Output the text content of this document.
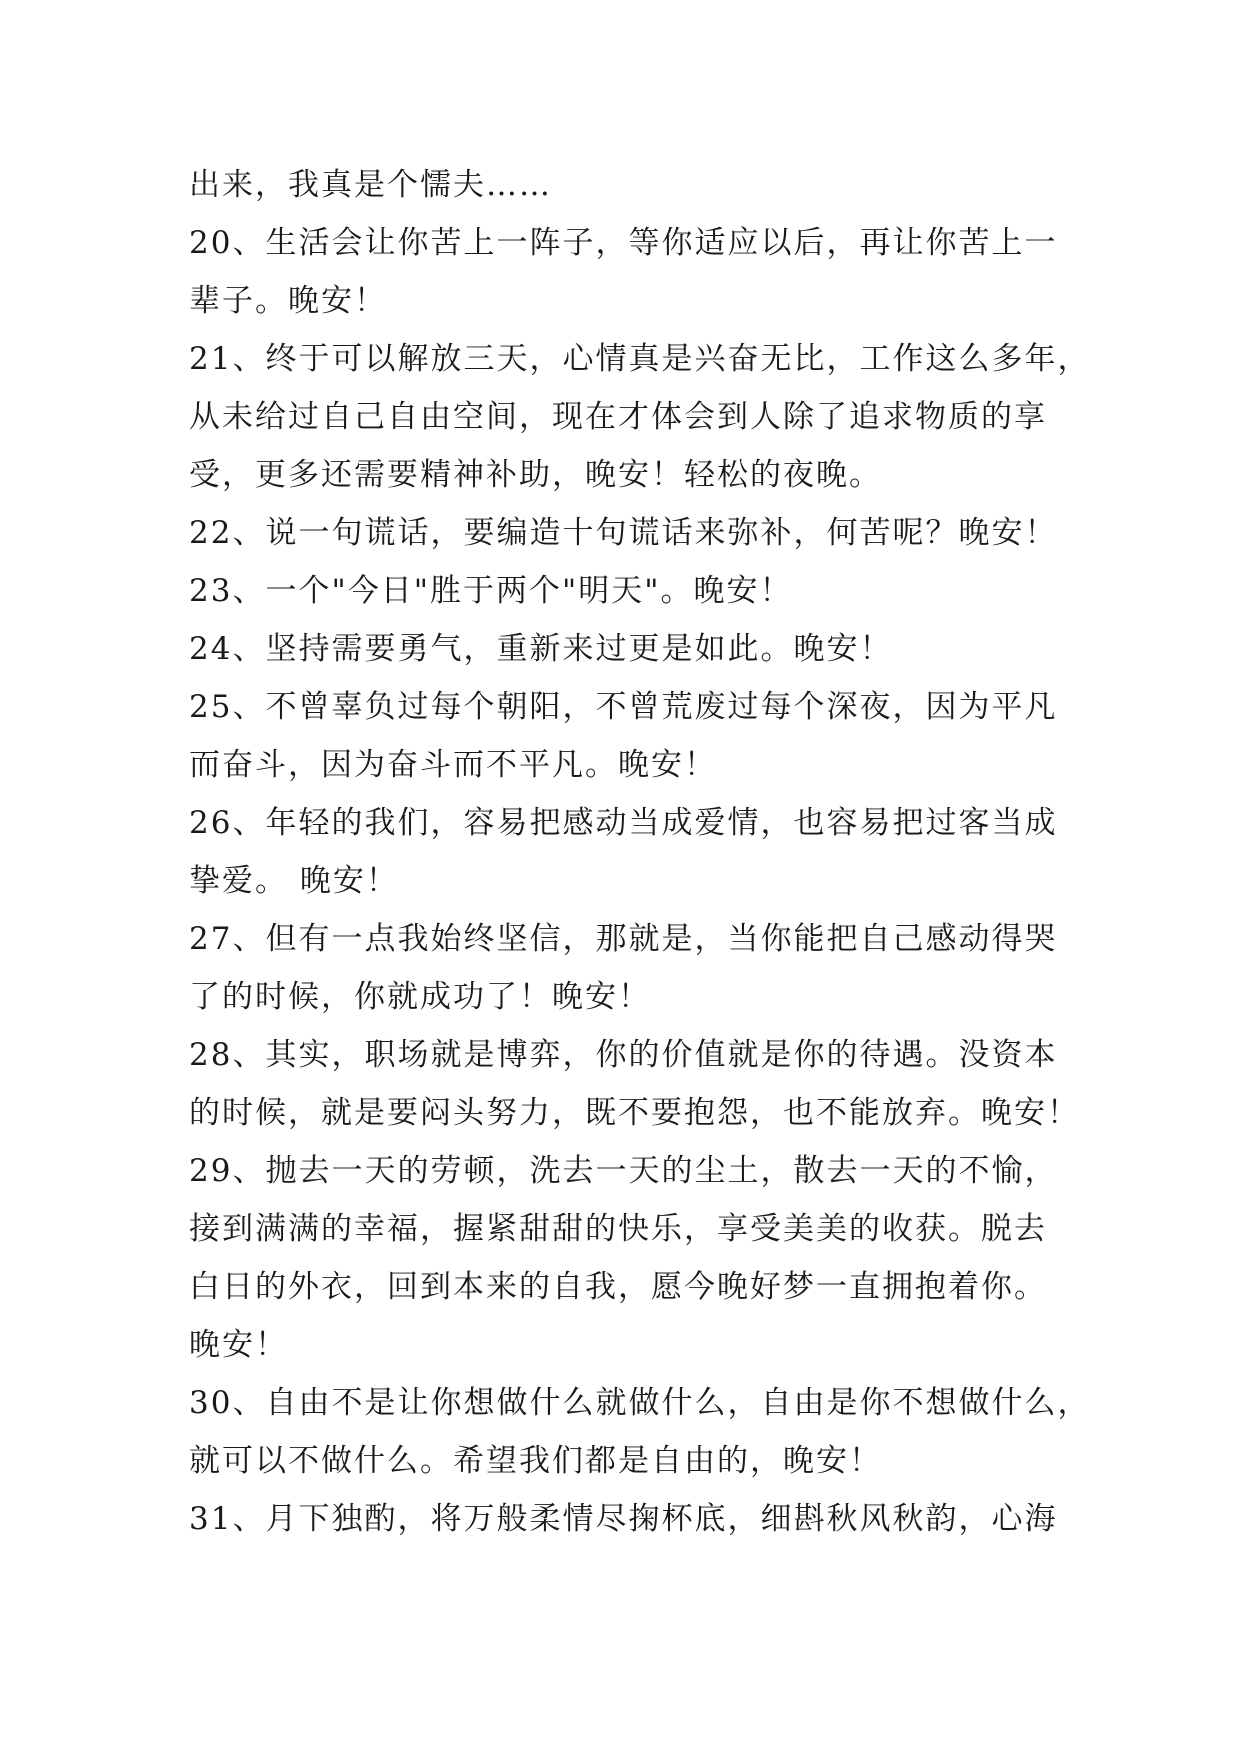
出来，我真是个懦夫……
20、生活会让你苦上一阵子，等你适应以后，再让你苦上一
辈子。晚安！
21、终于可以解放三天，心情真是兴奋无比，工作这么多年，
从未给过自己自由空间，现在才体会到人除了追求物质的享
受，更多还需要精神补助，晚安！轻松的夜晚。
22、说一句谎话，要编造十句谎话来弥补，何苦呢？晚安！
23、一个"今日"胜于两个"明天"。晚安！
24、坚持需要勇气，重新来过更是如此。晚安！
25、不曾辜负过每个朝阳，不曾荒废过每个深夜，因为平凡
而奋斗，因为奋斗而不平凡。晚安！
26、年轻的我们，容易把感动当成爱情，也容易把过客当成
挚爱。 晚安！
27、但有一点我始终坚信，那就是，当你能把自己感动得哭
了的时候，你就成功了！晚安！
28、其实，职场就是博弈，你的价值就是你的待遇。没资本
的时候，就是要闷头努力，既不要抱怨，也不能放弃。晚安！
29、抛去一天的劳顿，洗去一天的尘土，散去一天的不愉，
接到满满的幸福，握紧甜甜的快乐，享受美美的收获。脱去
白日的外衣，回到本来的自我，愿今晚好梦一直拥抱着你。
晚安！
30、自由不是让你想做什么就做什么，自由是你不想做什么，
就可以不做什么。希望我们都是自由的，晚安！
31、月下独酌，将万般柔情尽掬杯底，细斟秋风秋韵，心海
